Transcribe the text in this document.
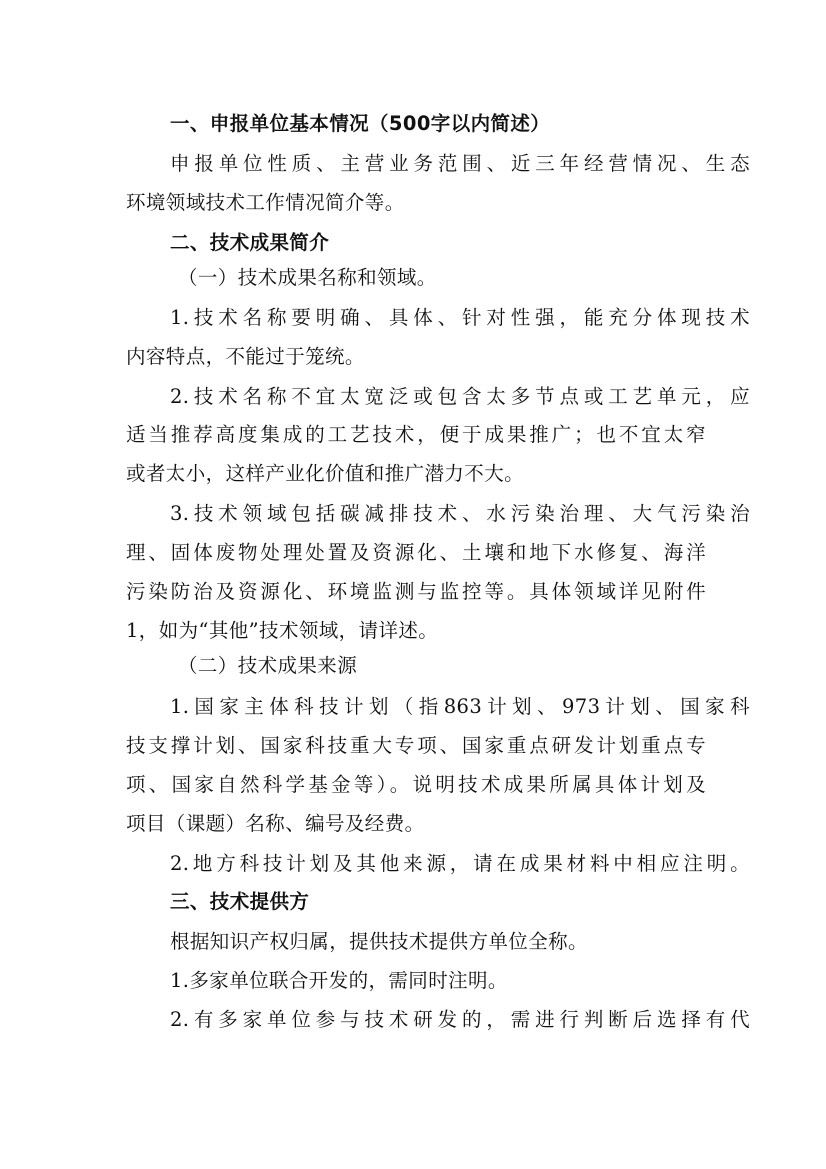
一、申报单位基本情况（500字以内简述）
申报单位性质、主营业务范围、近三年经营情况、生态
环境领域技术工作情况简介等。
二、技术成果简介
（一）技术成果名称和领域。
1.技术名称要明确、具体、针对性强，能充分体现技术
内容特点，不能过于笼统。
2.技术名称不宜太宽泛或包含太多节点或工艺单元，应
适当推荐高度集成的工艺技术，便于成果推广；也不宜太窄
或者太小，这样产业化价值和推广潜力不大。
3.技术领域包括碳减排技术、水污染治理、大气污染治
理、固体废物处理处置及资源化、土壤和地下水修复、海洋
污染防治及资源化、环境监测与监控等。具体领域详见附件
1，如为“其他”技术领域，请详述。
（二）技术成果来源
1.国家主体科技计划（指863计划、973计划、国家科
技支撑计划、国家科技重大专项、国家重点研发计划重点专
项、国家自然科学基金等）。说明技术成果所属具体计划及
项目（课题）名称、编号及经费。
2.地方科技计划及其他来源，请在成果材料中相应注明。
三、技术提供方
根据知识产权归属，提供技术提供方单位全称。
1.多家单位联合开发的，需同时注明。
2.有多家单位参与技术研发的，需进行判断后选择有代
